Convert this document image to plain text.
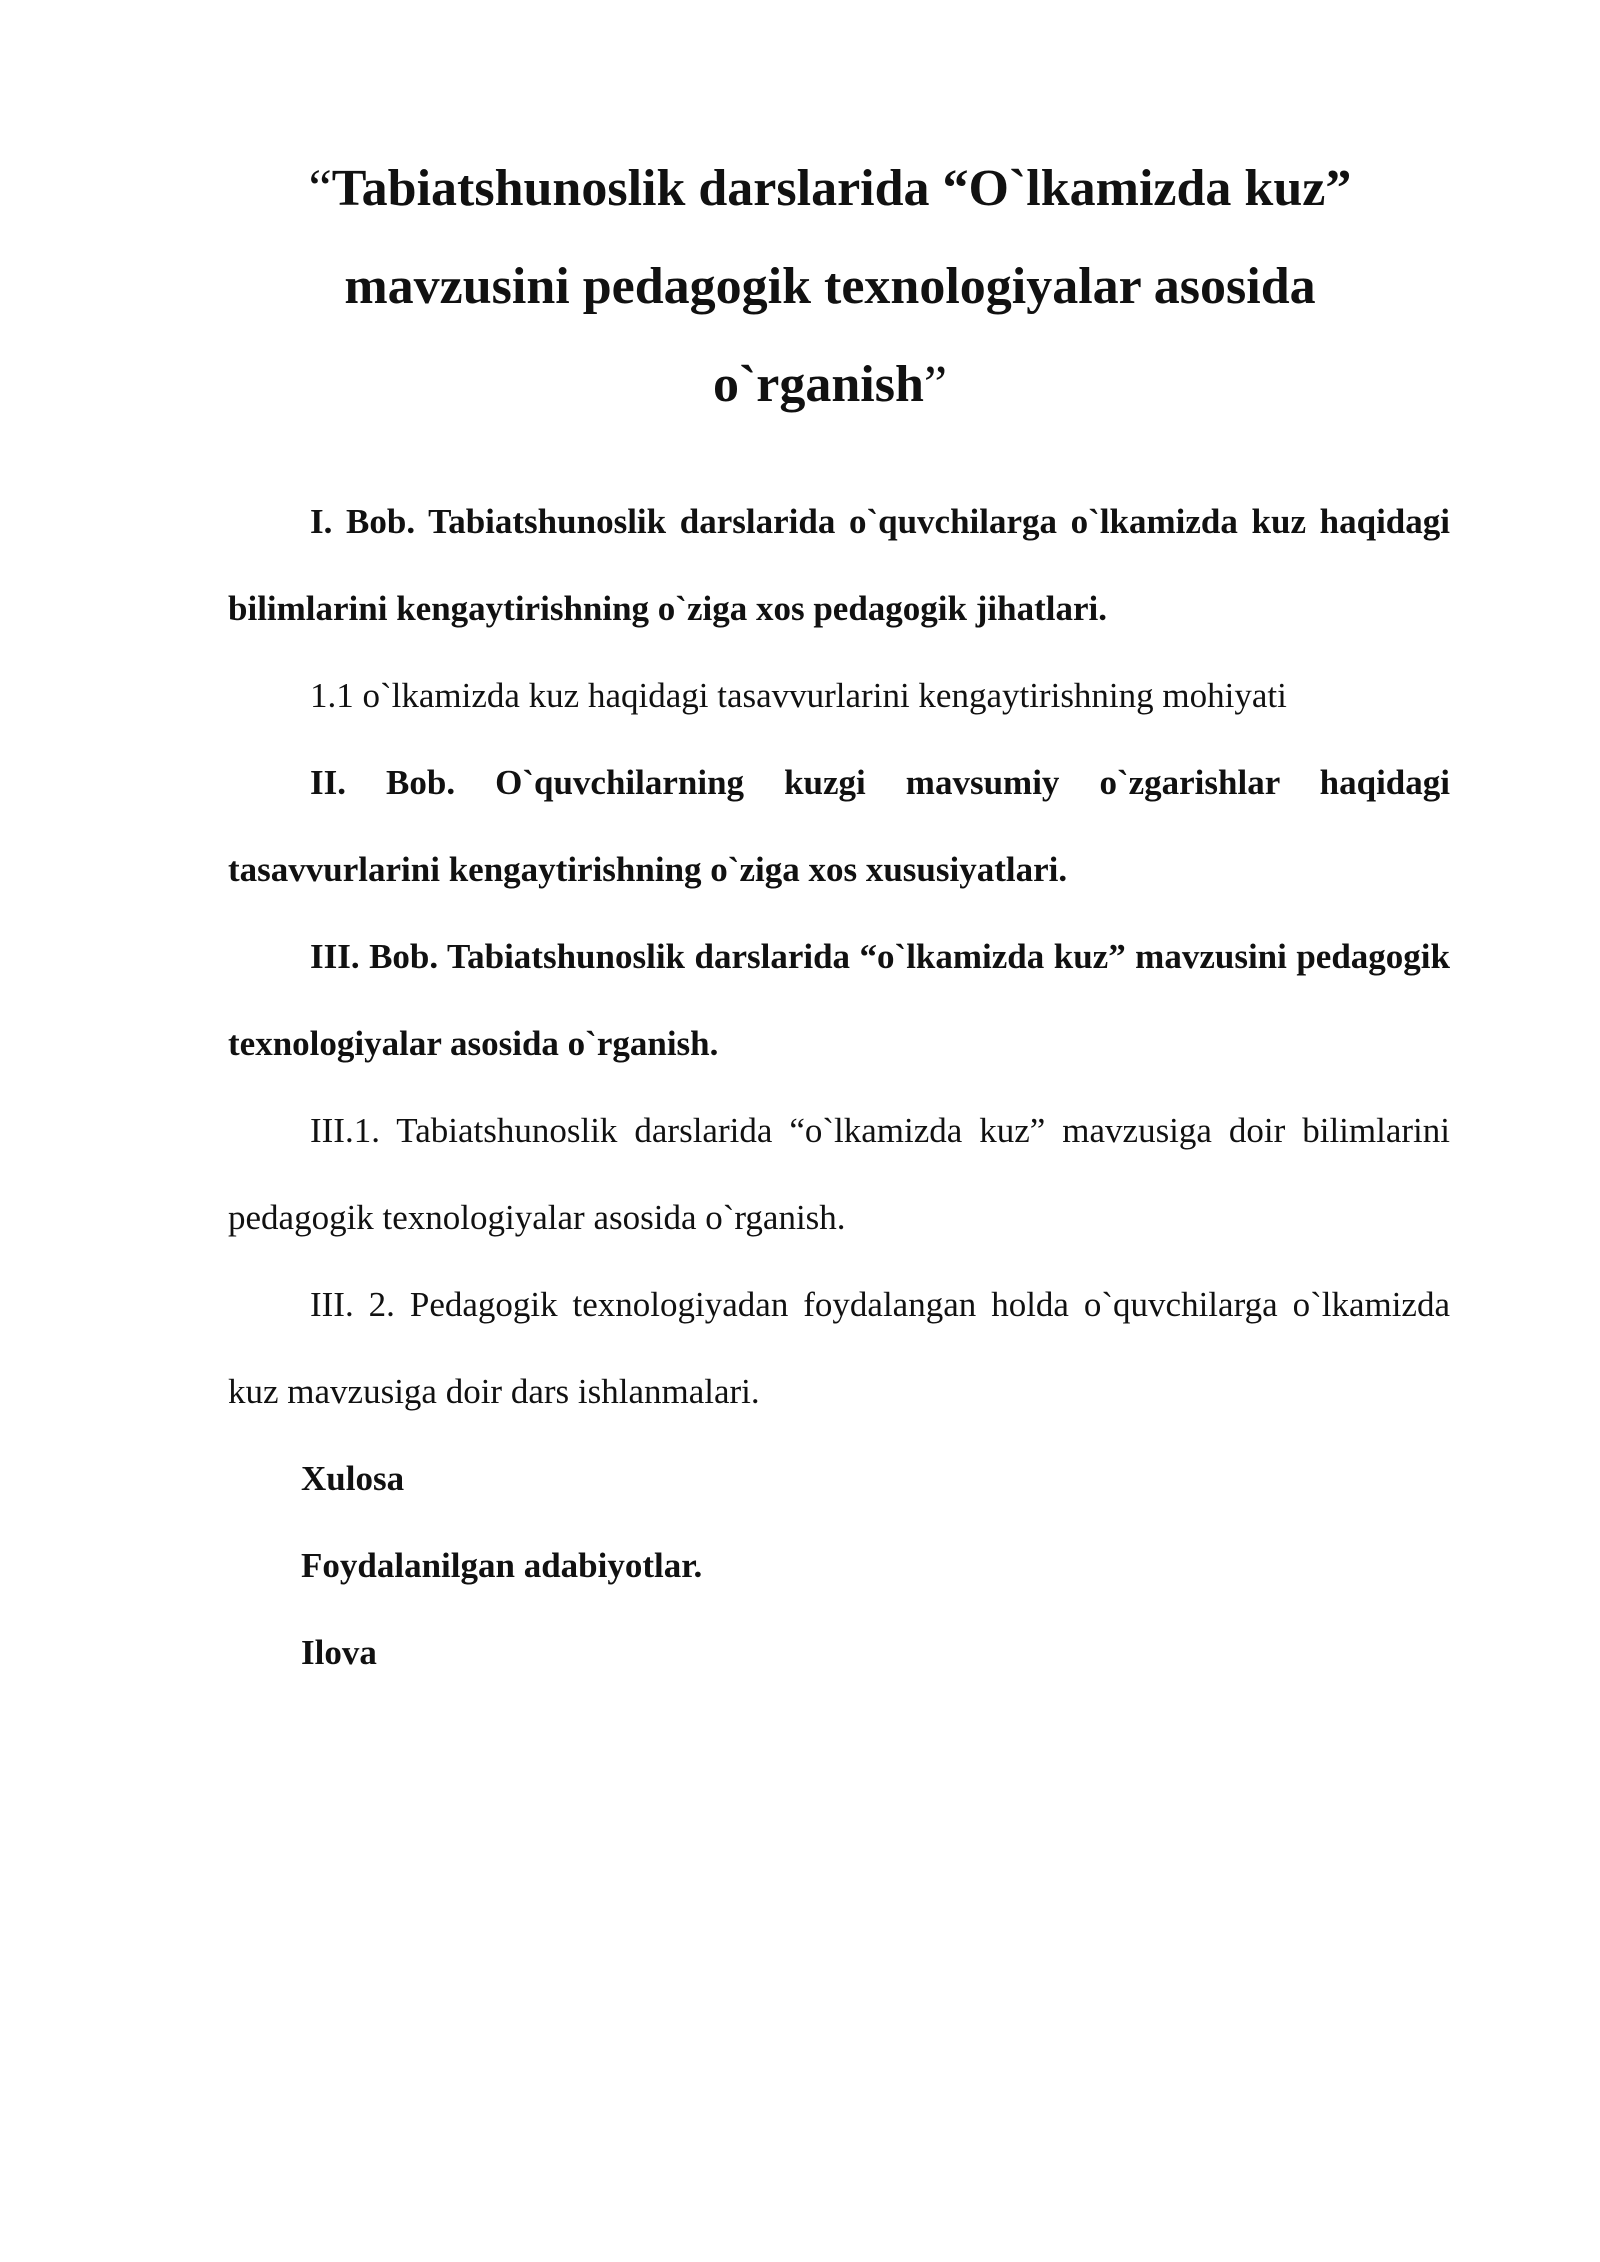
“Tabiatshunoslik darslarida “O`lkamizda kuz” mavzusini pedagogik texnologiyalar asosida o`rganish”

I. Bob. Tabiatshunoslik darslarida o`quvchilarga o`lkamizda kuz haqidagi bilimlarini kengaytirishning o`ziga xos pedagogik jihatlari.

1.1 o`lkamizda kuz haqidagi tasavvurlarini kengaytirishning mohiyati

II. Bob. O`quvchilarning kuzgi mavsumiy o`zgarishlar haqidagi tasavvurlarini kengaytirishning o`ziga xos xususiyatlari.

III. Bob. Tabiatshunoslik darslarida “o`lkamizda kuz” mavzusini pedagogik texnologiyalar asosida o`rganish.

III.1. Tabiatshunoslik darslarida “o`lkamizda kuz” mavzusiga doir bilimlarini pedagogik texnologiyalar asosida o`rganish.

III. 2. Pedagogik texnologiyadan foydalangan holda o`quvchilarga o`lkamizda kuz mavzusiga doir dars ishlanmalari.

Xulosa

Foydalanilgan adabiyotlar.

Ilova
